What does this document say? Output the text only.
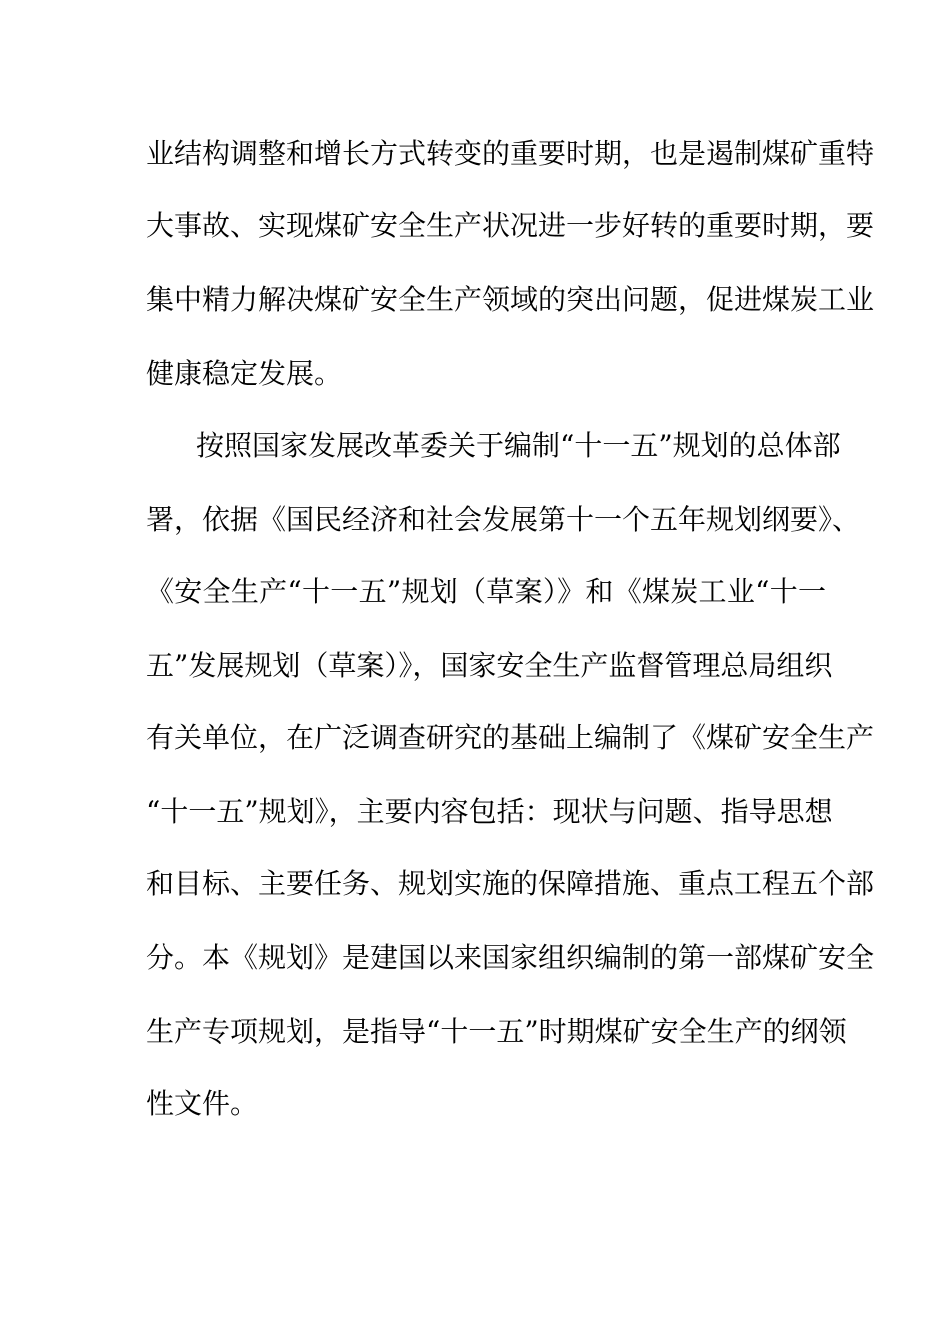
业结构调整和增长方式转变的重要时期，也是遏制煤矿重特
大事故、实现煤矿安全生产状况进一步好转的重要时期，要
集中精力解决煤矿安全生产领域的突出问题，促进煤炭工业
健康稳定发展。
按照国家发展改革委关于编制“十一五”规划的总体部
署，依据《国民经济和社会发展第十一个五年规划纲要》、
《安全生产“十一五”规划（草案）》和《煤炭工业“十一
五”发展规划（草案）》，国家安全生产监督管理总局组织
有关单位，在广泛调查研究的基础上编制了《煤矿安全生产
“十一五”规划》，主要内容包括：现状与问题、指导思想
和目标、主要任务、规划实施的保障措施、重点工程五个部
分。本《规划》是建国以来国家组织编制的第一部煤矿安全
生产专项规划，是指导“十一五”时期煤矿安全生产的纲领
性文件。
